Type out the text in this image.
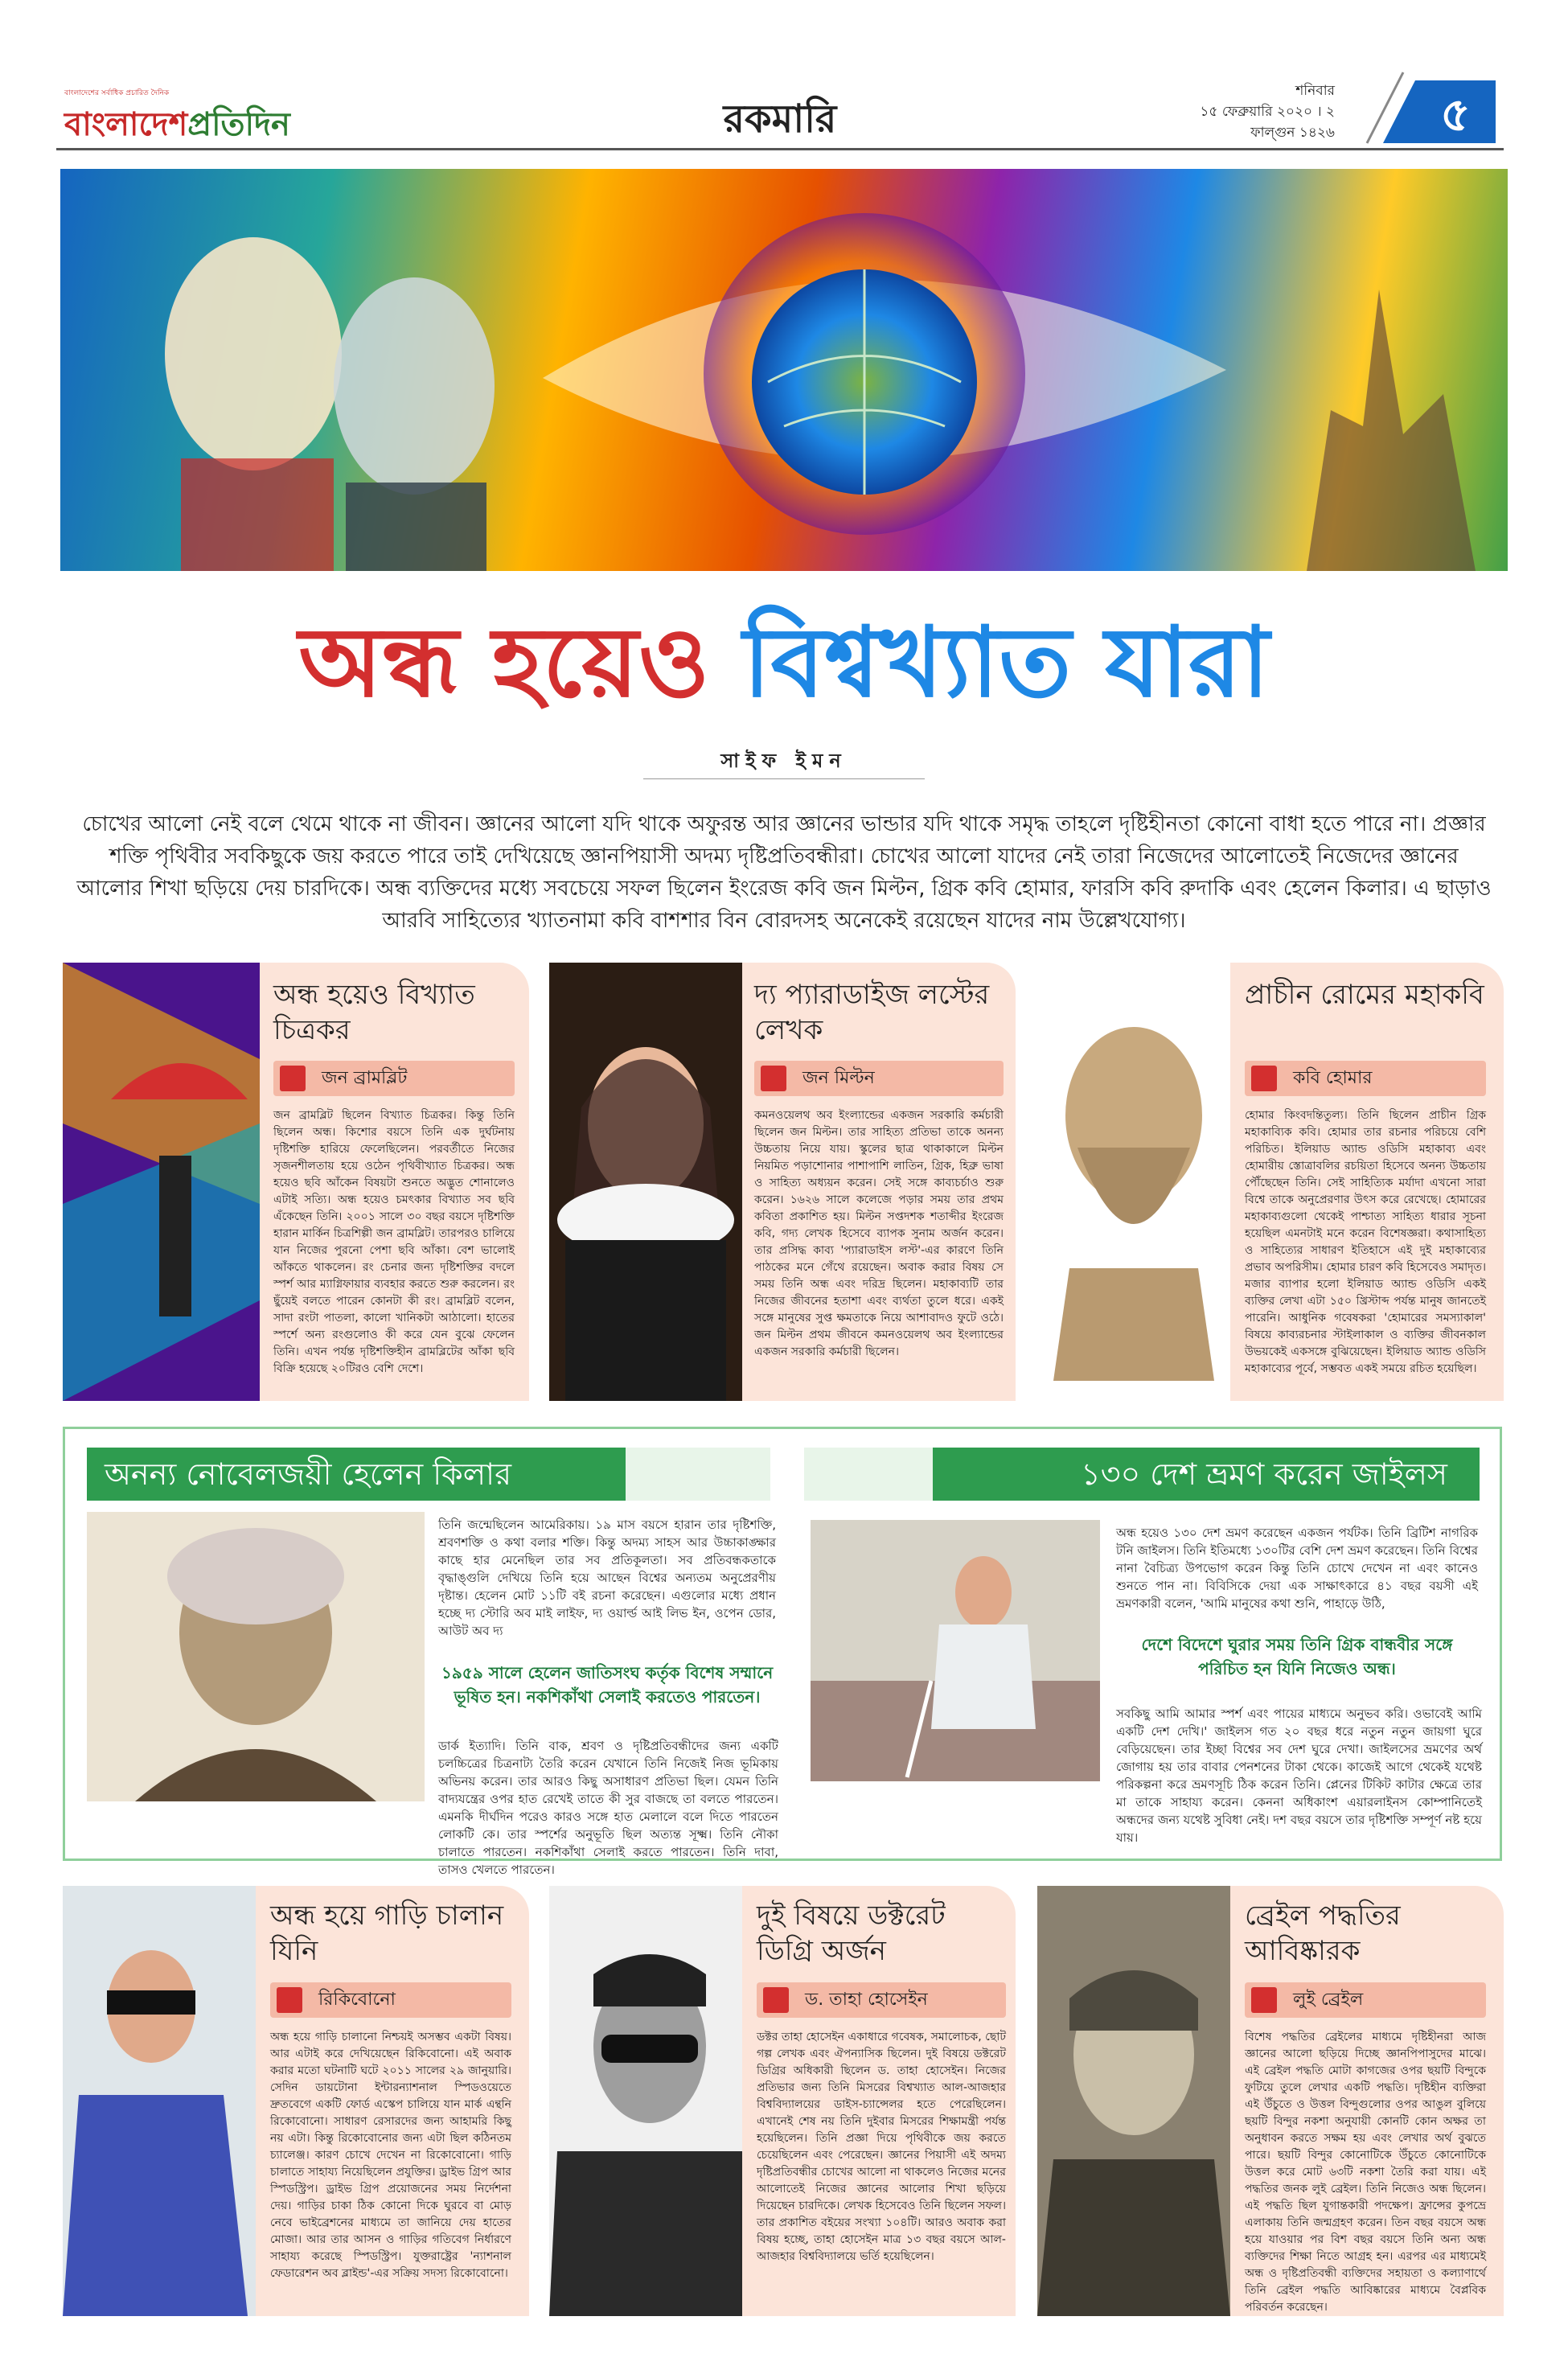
বাংলাদেশের সর্বাধিক প্রচারিত দৈনিক
বাংলাদেশপ্রতিদিন	রকমারি
শনিবার
১৫ ফেব্রুয়ারি ২০২০ । ২ ফাল্গুন ১৪২৬	৫
অন্ধ হয়েও বিশ্বখ্যাত যারা
সাইফ ইমন
চোখের আলো নেই বলে থেমে থাকে না জীবন। জ্ঞানের আলো যদি থাকে অফুরন্ত আর জ্ঞানের ভান্ডার যদি থাকে সমৃদ্ধ তাহলে দৃষ্টিহীনতা কোনো বাধা হতে পারে না। প্রজ্ঞার শক্তি পৃথিবীর সবকিছুকে জয় করতে পারে তাই দেখিয়েছে জ্ঞানপিয়াসী অদম্য দৃষ্টিপ্রতিবন্ধীরা। চোখের আলো যাদের নেই তারা নিজেদের আলোতেই নিজেদের জ্ঞানের আলোর শিখা ছড়িয়ে দেয় চারদিকে। অন্ধ ব্যক্তিদের মধ্যে সবচেয়ে সফল ছিলেন ইংরেজ কবি জন মিল্টন, গ্রিক কবি হোমার, ফারসি কবি রুদাকি এবং হেলেন কিলার। এ ছাড়াও আরবি সাহিত্যের খ্যাতনামা কবি বাশশার বিন বোরদসহ অনেকেই রয়েছেন যাদের নাম উল্লেখযোগ্য।
অন্ধ হয়েও বিখ্যাত চিত্রকর
জন ব্রামব্লিট
জন ব্রামব্লিট ছিলেন বিখ্যাত চিত্রকর। কিন্তু তিনি ছিলেন অন্ধ। কিশোর বয়সে তিনি এক দুর্ঘটনায় দৃষ্টিশক্তি হারিয়ে ফেলেছিলেন। পরবর্তীতে নিজের সৃজনশীলতায় হয়ে ওঠেন পৃথিবীখ্যাত চিত্রকর। অন্ধ হয়েও ছবি আঁকেন বিষয়টা শুনতে অদ্ভুত শোনালেও এটাই সত্যি। অন্ধ হয়েও চমৎকার বিখ্যাত সব ছবি এঁকেছেন তিনি। ২০০১ সালে ৩০ বছর বয়সে দৃষ্টিশক্তি হারান মার্কিন চিত্রশিল্পী জন ব্রামব্লিট। তারপরও চালিয়ে যান নিজের পুরনো পেশা ছবি আঁকা। বেশ ভালোই আঁকতে থাকলেন। রং চেনার জন্য দৃষ্টিশক্তির বদলে স্পর্শ আর ম্যাগ্নিফায়ার ব্যবহার করতে শুরু করলেন। রং ছুঁয়েই বলতে পারেন কোনটা কী রং। ব্রামব্লিট বলেন, সাদা রংটা পাতলা, কালো খানিকটা আঠালো। হাতের স্পর্শে অন্য রংগুলোও কী করে যেন বুঝে ফেলেন তিনি। এখন পর্যন্ত দৃষ্টিশক্তিহীন ব্রামব্লিটের আঁকা ছবি বিক্রি হয়েছে ২০টিরও বেশি দেশে।
দ্য প্যারাডাইজ লস্টের লেখক
জন মিল্টন
কমনওয়েলথ অব ইংল্যান্ডের একজন সরকারি কর্মচারী ছিলেন জন মিল্টন। তার সাহিত্য প্রতিভা তাকে অনন্য উচ্চতায় নিয়ে যায়। স্কুলের ছাত্র থাকাকালে মিল্টন নিয়মিত পড়াশোনার পাশাপাশি লাতিন, গ্রিক, হিব্রু ভাষা ও সাহিত্য অধ্যয়ন করেন। সেই সঙ্গে কাব্যচর্চাও শুরু করেন। ১৬২৬ সালে কলেজে পড়ার সময় তার প্রথম কবিতা প্রকাশিত হয়। মিল্টন সপ্তদশক শতাব্দীর ইংরেজ কবি, গদ্য লেখক হিসেবে ব্যাপক সুনাম অর্জন করেন। তার প্রসিদ্ধ কাব্য 'প্যারাডাইস লস্ট'-এর কারণে তিনি পাঠকের মনে গেঁথে রয়েছেন। অবাক করার বিষয় সে সময় তিনি অন্ধ এবং দরিদ্র ছিলেন। মহাকাব্যটি তার নিজের জীবনের হতাশা এবং ব্যর্থতা তুলে ধরে। একই সঙ্গে মানুষের সুপ্ত ক্ষমতাকে নিয়ে আশাবাদও ফুটে ওঠে। জন মিল্টন প্রথম জীবনে কমনওয়েলথ অব ইংল্যান্ডের একজন সরকারি কর্মচারী ছিলেন।
প্রাচীন রোমের মহাকবি
কবি হোমার
হোমার কিংবদন্তিতুল্য। তিনি ছিলেন প্রাচীন গ্রিক মহাকাব্যিক কবি। হোমার তার রচনার পরিচয়ে বেশি পরিচিত। ইলিয়াড অ্যান্ড ওডিসি মহাকাব্য এবং হোমারীয় স্তোত্রাবলির রচয়িতা হিসেবে অনন্য উচ্চতায় পৌঁছেছেন তিনি। সেই সাহিত্যিক মর্যাদা এখনো সারা বিশ্বে তাকে অনুপ্রেরণার উৎস করে রেখেছে। হোমারের মহাকাব্যগুলো থেকেই পাশ্চাত্য সাহিত্য ধারার সূচনা হয়েছিল এমনটাই মনে করেন বিশেষজ্ঞরা। কথাসাহিত্য ও সাহিত্যের সাধারণ ইতিহাসে এই দুই মহাকাব্যের প্রভাব অপরিসীম। হোমার চারণ কবি হিসেবেও সমাদৃত। মজার ব্যাপার হলো ইলিয়াড অ্যান্ড ওডিসি একই ব্যক্তির লেখা এটা ১৫০ খ্রিস্টাব্দ পর্যন্ত মানুষ জানতেই পারেনি। আধুনিক গবেষকরা 'হোমারের সমস্যাকাল' বিষয়ে কাব্যরচনার স্টাইলাকাল ও ব্যক্তির জীবনকাল উভয়কেই একসঙ্গে বুঝিয়েছেন। ইলিয়াড অ্যান্ড ওডিসি মহাকাব্যের পূর্বে, সম্ভবত একই সময়ে রচিত হয়েছিল।
অনন্য নোবেলজয়ী হেলেন কিলার
তিনি জন্মেছিলেন আমেরিকায়। ১৯ মাস বয়সে হারান তার দৃষ্টিশক্তি, শ্রবণশক্তি ও কথা বলার শক্তি। কিন্তু অদম্য সাহস আর উচ্চাকাঙ্ক্ষার কাছে হার মেনেছিল তার সব প্রতিকূলতা। সব প্রতিবন্ধকতাকে বৃদ্ধাঙ্গুলি দেখিয়ে তিনি হয়ে আছেন বিশ্বের অন্যতম অনুপ্রেরণীয় দৃষ্টান্ত। হেলেন মোট ১১টি বই রচনা করেছেন। এগুলোর মধ্যে প্রধান হচ্ছে দ্য স্টোরি অব মাই লাইফ, দ্য ওয়ার্ল্ড আই লিভ ইন, ওপেন ডোর, আউট অব দ্য
১৯৫৯ সালে হেলেন জাতিসংঘ কর্তৃক বিশেষ সম্মানে ভূষিত হন। নকশিকাঁথা সেলাই করতেও পারতেন।
ডার্ক ইত্যাদি। তিনি বাক, শ্রবণ ও দৃষ্টিপ্রতিবন্ধীদের জন্য একটি চলচ্চিত্রের চিত্রনাট্য তৈরি করেন যেখানে তিনি নিজেই নিজ ভূমিকায় অভিনয় করেন। তার আরও কিছু অসাধারণ প্রতিভা ছিল। যেমন তিনি বাদ্যযন্ত্রের ওপর হাত রেখেই তাতে কী সুর বাজছে তা বলতে পারতেন। এমনকি দীর্ঘদিন পরেও কারও সঙ্গে হাত মেলালে বলে দিতে পারতেন লোকটি কে। তার স্পর্শের অনুভূতি ছিল অত্যন্ত সূক্ষ্ম। তিনি নৌকা চালাতে পারতেন। নকশিকাঁথা সেলাই করতে পারতেন। তিনি দাবা, তাসও খেলতে পারতেন।
১৩০ দেশ ভ্রমণ করেন জাইলস
অন্ধ হয়েও ১৩০ দেশ ভ্রমণ করেছেন একজন পর্যটক। তিনি ব্রিটিশ নাগরিক টনি জাইলস। তিনি ইতিমধ্যে ১৩০টির বেশি দেশ ভ্রমণ করেছেন। তিনি বিশ্বের নানা বৈচিত্র্য উপভোগ করেন কিন্তু তিনি চোখে দেখেন না এবং কানেও শুনতে পান না। বিবিসিকে দেয়া এক সাক্ষাৎকারে ৪১ বছর বয়সী এই ভ্রমণকারী বলেন, 'আমি মানুষের কথা শুনি, পাহাড়ে উঠি,
দেশে বিদেশে ঘুরার সময় তিনি গ্রিক বান্ধবীর সঙ্গে পরিচিত হন যিনি নিজেও অন্ধ।
সবকিছু আমি আমার স্পর্শ এবং পায়ের মাধ্যমে অনুভব করি। ওভাবেই আমি একটি দেশ দেখি।' জাইলস গত ২০ বছর ধরে নতুন নতুন জায়গা ঘুরে বেড়িয়েছেন। তার ইচ্ছা বিশ্বের সব দেশ ঘুরে দেখা। জাইলসের ভ্রমণের অর্থ জোগায় হয় তার বাবার পেনশনের টাকা থেকে। কাজেই আগে থেকেই যথেষ্ট পরিকল্পনা করে ভ্রমণসূচি ঠিক করেন তিনি। প্লেনের টিকিট কাটার ক্ষেত্রে তার মা তাকে সাহায্য করেন। কেননা অধিকাংশ এয়ারলাইনস কোম্পানিতেই অন্ধদের জন্য যথেষ্ট সুবিধা নেই। দশ বছর বয়সে তার দৃষ্টিশক্তি সম্পূর্ণ নষ্ট হয়ে যায়।
অন্ধ হয়ে গাড়ি চালান যিনি
রিকিবোনো
অন্ধ হয়ে গাড়ি চালানো নিশ্চয়ই অসম্ভব একটা বিষয়। আর এটাই করে দেখিয়েছেন রিকিবোনো। এই অবাক করার মতো ঘটনাটি ঘটে ২০১১ সালের ২৯ জানুয়ারি। সেদিন ডায়টোনা ইন্টারন্যাশনাল স্পিডওয়েতে দ্রুতবেগে একটি ফোর্ড এস্কেপ চালিয়ে যান মার্ক এন্থনি রিকোবোনো। সাধারণ রেসারদের জন্য আহামরি কিছু নয় এটা। কিন্তু রিকোবোনোর জন্য এটা ছিল কঠিনতম চ্যালেঞ্জ। কারণ চোখে দেখেন না রিকোবোনো। গাড়ি চালাতে সাহায্য নিয়েছিলেন প্রযুক্তির। ড্রাইভ গ্রিপ আর স্পিডস্ট্রিপ। ড্রাইভ গ্রিপ প্রয়োজনের সময় নির্দেশনা দেয়। গাড়ির চাকা ঠিক কোনো দিকে ঘুরবে বা মোড় নেবে ভাইব্রেশনের মাধ্যমে তা জানিয়ে দেয় হাতের মোজা। আর তার আসন ও গাড়ির গতিবেগ নির্ধারণে সাহায্য করেছে স্পিডস্ট্রিপ। যুক্তরাষ্ট্রের 'ন্যাশনাল ফেডারেশন অব ব্লাইন্ড'-এর সক্রিয় সদস্য রিকোবোনো।
দুই বিষয়ে ডক্টরেট ডিগ্রি অর্জন
ড. তাহা হোসেইন
ডক্টর তাহা হোসেইন একাধারে গবেষক, সমালোচক, ছোট গল্প লেখক এবং ঐপন্যাসিক ছিলেন। দুই বিষয়ে ডক্টরেট ডিগ্রির অধিকারী ছিলেন ড. তাহা হোসেইন। নিজের প্রতিভার জন্য তিনি মিসরের বিশ্বখ্যাত আল-আজহার বিশ্ববিদ্যালয়ের ডাইস-চ্যান্সেলর হতে পেরেছিলেন। এখানেই শেষ নয় তিনি দুইবার মিসরের শিক্ষামন্ত্রী পর্যন্ত হয়েছিলেন। তিনি প্রজ্ঞা দিয়ে পৃথিবীকে জয় করতে চেয়েছিলেন এবং পেরেছেন। জ্ঞানের পিয়াসী এই অদম্য দৃষ্টিপ্রতিবন্ধীর চোখের আলো না থাকলেও নিজের মনের আলোতেই নিজের জ্ঞানের আলোর শিখা ছড়িয়ে দিয়েছেন চারদিকে। লেখক হিসেবেও তিনি ছিলেন সফল। তার প্রকাশিত বইয়ের সংখ্যা ১০৪টি। আরও অবাক করা বিষয় হচ্ছে, তাহা হোসেইন মাত্র ১৩ বছর বয়সে আল-আজহার বিশ্ববিদ্যালয়ে ভর্তি হয়েছিলেন।
ব্রেইল পদ্ধতির আবিষ্কারক
লুই ব্রেইল
বিশেষ পদ্ধতির ব্রেইলের মাধ্যমে দৃষ্টিহীনরা আজ জ্ঞানের আলো ছড়িয়ে দিচ্ছে জ্ঞানপিপাসুদের মাঝে। এই ব্রেইল পদ্ধতি মোটা কাগজের ওপর ছয়টি বিন্দুকে ফুটিয়ে তুলে লেখার একটি পদ্ধতি। দৃষ্টিহীন ব্যক্তিরা এই উঁচুতে ও উত্তল বিন্দুগুলোর ওপর আঙুল বুলিয়ে ছয়টি বিন্দুর নকশা অনুযায়ী কোনটি কোন অক্ষর তা অনুধাবন করতে সক্ষম হয় এবং লেখার অর্থ বুঝতে পারে। ছয়টি বিন্দুর কোনোটিকে উঁচুতে কোনোটিকে উত্তল করে মোট ৬৩টি নকশা তৈরি করা যায়। এই পদ্ধতির জনক লুই ব্রেইল। তিনি নিজেও অন্ধ ছিলেন। এই পদ্ধতি ছিল যুগান্তকারী পদক্ষেপ। ফ্রান্সের কুপভ্রে এলাকায় তিনি জন্মগ্রহণ করেন। তিন বছর বয়সে অন্ধ হয়ে যাওয়ার পর বিশ বছর বয়সে তিনি অন্য অন্ধ ব্যক্তিদের শিক্ষা নিতে আগ্রহ হন। এরপর এর মাধ্যমেই অন্ধ ও দৃষ্টিপ্রতিবন্ধী ব্যক্তিদের সহায়তা ও কল্যাণার্থে তিনি ব্রেইল পদ্ধতি আবিষ্কারের মাধ্যমে বৈপ্লবিক পরিবর্তন করেছেন।
